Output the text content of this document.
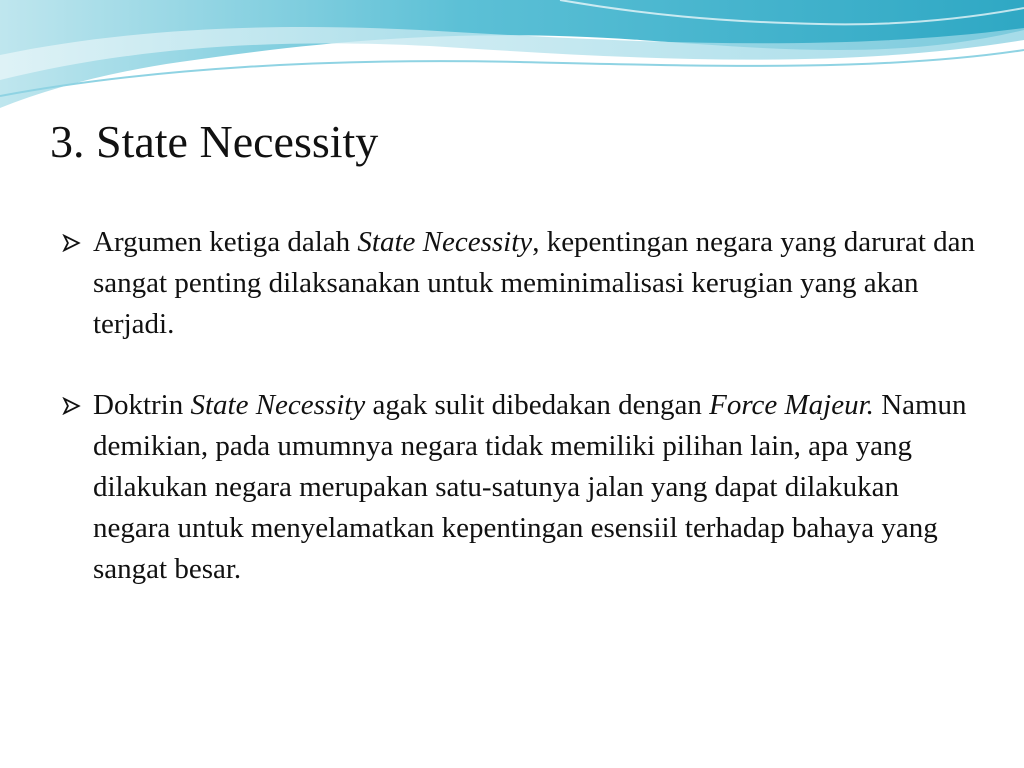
3. State Necessity
Argumen ketiga dalah State Necessity, kepentingan negara yang darurat dan sangat penting dilaksanakan untuk meminimalisasi kerugian yang akan terjadi.
Doktrin State Necessity agak sulit dibedakan dengan Force Majeur. Namun demikian, pada umumnya negara tidak memiliki pilihan lain, apa yang dilakukan negara merupakan satu-satunya jalan yang dapat dilakukan negara untuk menyelamatkan kepentingan esensiil terhadap bahaya yang sangat besar.
